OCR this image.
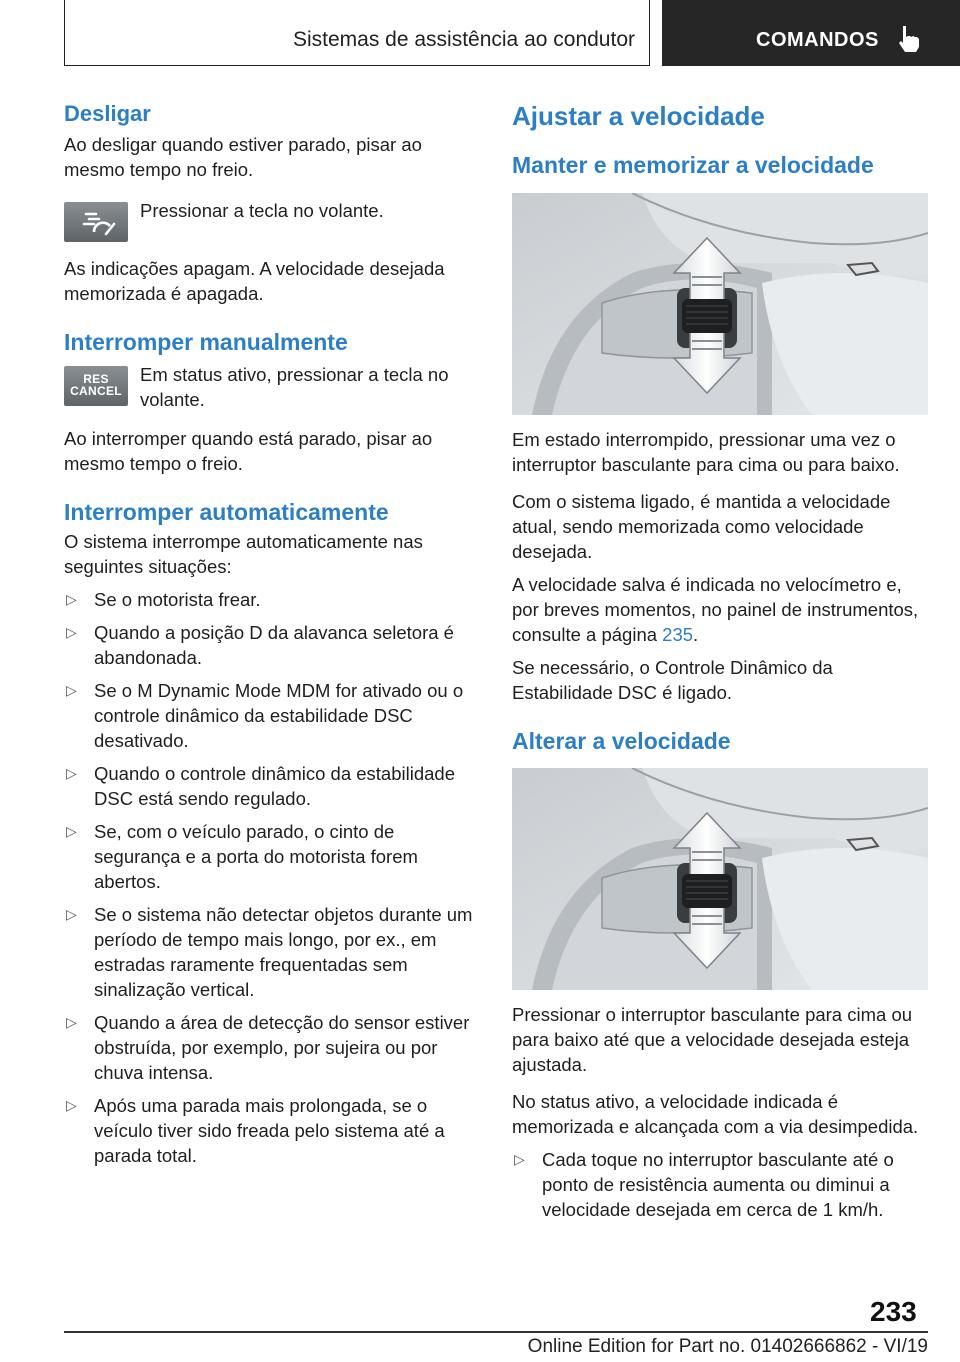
Sistemas de assistência ao condutor	COMANDOS
Desligar
Ao desligar quando estiver parado, pisar ao mesmo tempo no freio.
Pressionar a tecla no volante.
As indicações apagam. A velocidade desejada memorizada é apagada.
Interromper manualmente
RES CANCEL
Em status ativo, pressionar a tecla no volante.
Ao interromper quando está parado, pisar ao mesmo tempo o freio.
Interromper automaticamente
O sistema interrompe automaticamente nas seguintes situações:
▷ Se o motorista frear.
▷ Quando a posição D da alavanca seletora é abandonada.
▷ Se o M Dynamic Mode MDM for ativado ou o controle dinâmico da estabilidade DSC desativado.
▷ Quando o controle dinâmico da estabilidade DSC está sendo regulado.
▷ Se, com o veículo parado, o cinto de segurança e a porta do motorista forem abertos.
▷ Se o sistema não detectar objetos durante um período de tempo mais longo, por ex., em estradas raramente frequentadas sem sinalização vertical.
▷ Quando a área de detecção do sensor estiver obstruída, por exemplo, por sujeira ou por chuva intensa.
▷ Após uma parada mais prolongada, se o veículo tiver sido freada pelo sistema até a parada total.
Ajustar a velocidade
Manter e memorizar a velocidade
Em estado interrompido, pressionar uma vez o interruptor basculante para cima ou para baixo.
Com o sistema ligado, é mantida a velocidade atual, sendo memorizada como velocidade desejada.
A velocidade salva é indicada no velocímetro e, por breves momentos, no painel de instrumentos, consulte a página 235.
Se necessário, o Controle Dinâmico da Estabilidade DSC é ligado.
Alterar a velocidade
Pressionar o interruptor basculante para cima ou para baixo até que a velocidade desejada esteja ajustada.
No status ativo, a velocidade indicada é memorizada e alcançada com a via desimpedida.
▷ Cada toque no interruptor basculante até o ponto de resistência aumenta ou diminui a velocidade desejada em cerca de 1 km/h.
233
Online Edition for Part no. 01402666862 - VI/19
